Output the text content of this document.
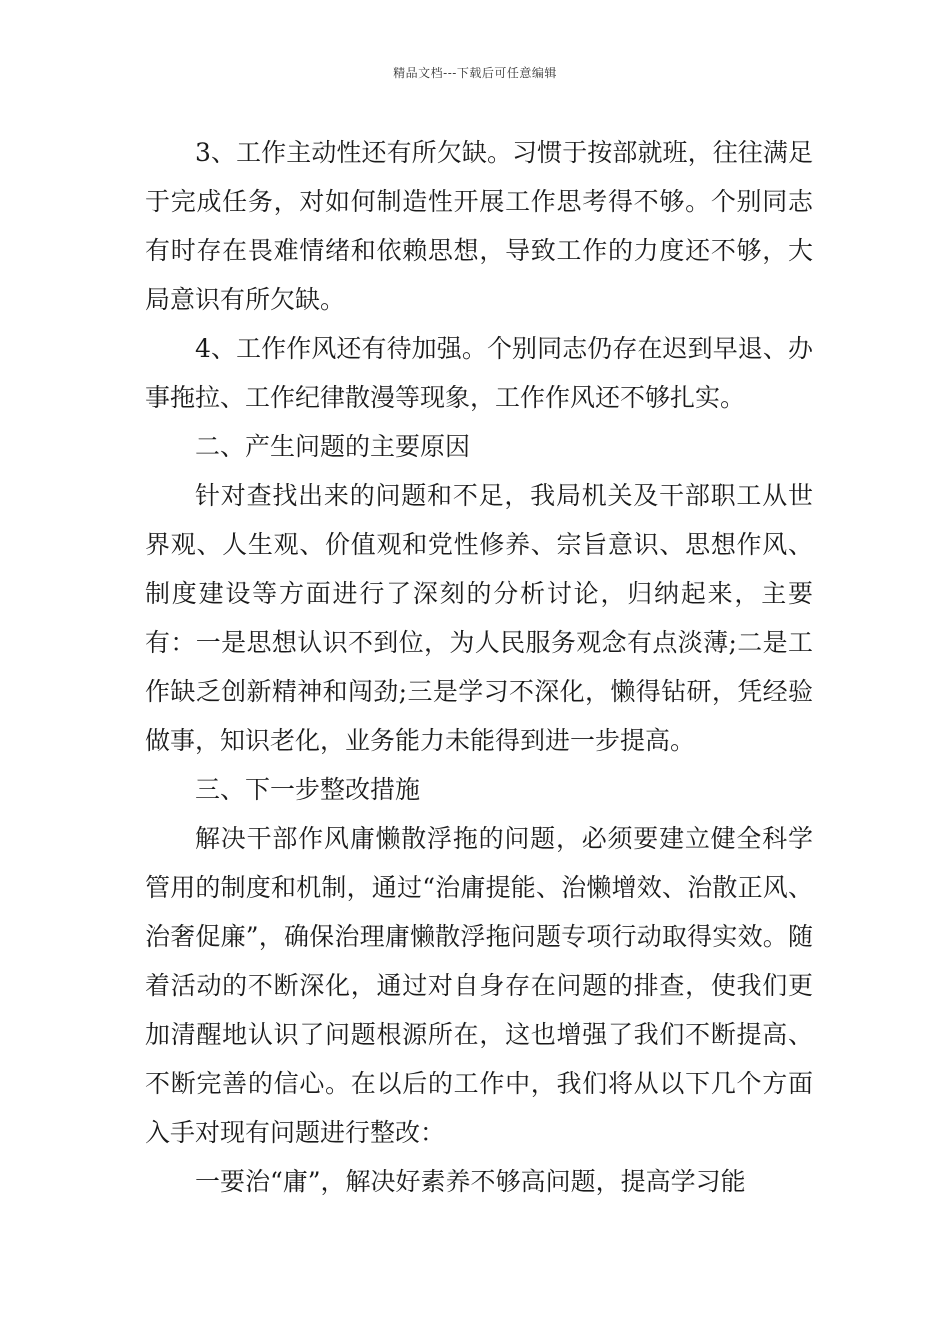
精品文档---下载后可任意编辑

3、工作主动性还有所欠缺。习惯于按部就班，往往满足于完成任务，对如何制造性开展工作思考得不够。个别同志有时存在畏难情绪和依赖思想，导致工作的力度还不够，大局意识有所欠缺。

4、工作作风还有待加强。个别同志仍存在迟到早退、办事拖拉、工作纪律散漫等现象，工作作风还不够扎实。

二、产生问题的主要原因

针对查找出来的问题和不足，我局机关及干部职工从世界观、人生观、价值观和党性修养、宗旨意识、思想作风、制度建设等方面进行了深刻的分析讨论，归纳起来，主要有：一是思想认识不到位，为人民服务观念有点淡薄;二是工作缺乏创新精神和闯劲;三是学习不深化，懒得钻研，凭经验做事，知识老化，业务能力未能得到进一步提高。

三、下一步整改措施

解决干部作风庸懒散浮拖的问题，必须要建立健全科学管用的制度和机制，通过“治庸提能、治懒增效、治散正风、治奢促廉”，确保治理庸懒散浮拖问题专项行动取得实效。随着活动的不断深化，通过对自身存在问题的排查，使我们更加清醒地认识了问题根源所在，这也增强了我们不断提高、不断完善的信心。在以后的工作中，我们将从以下几个方面入手对现有问题进行整改：

一要治“庸”，解决好素养不够高问题，提高学习能
